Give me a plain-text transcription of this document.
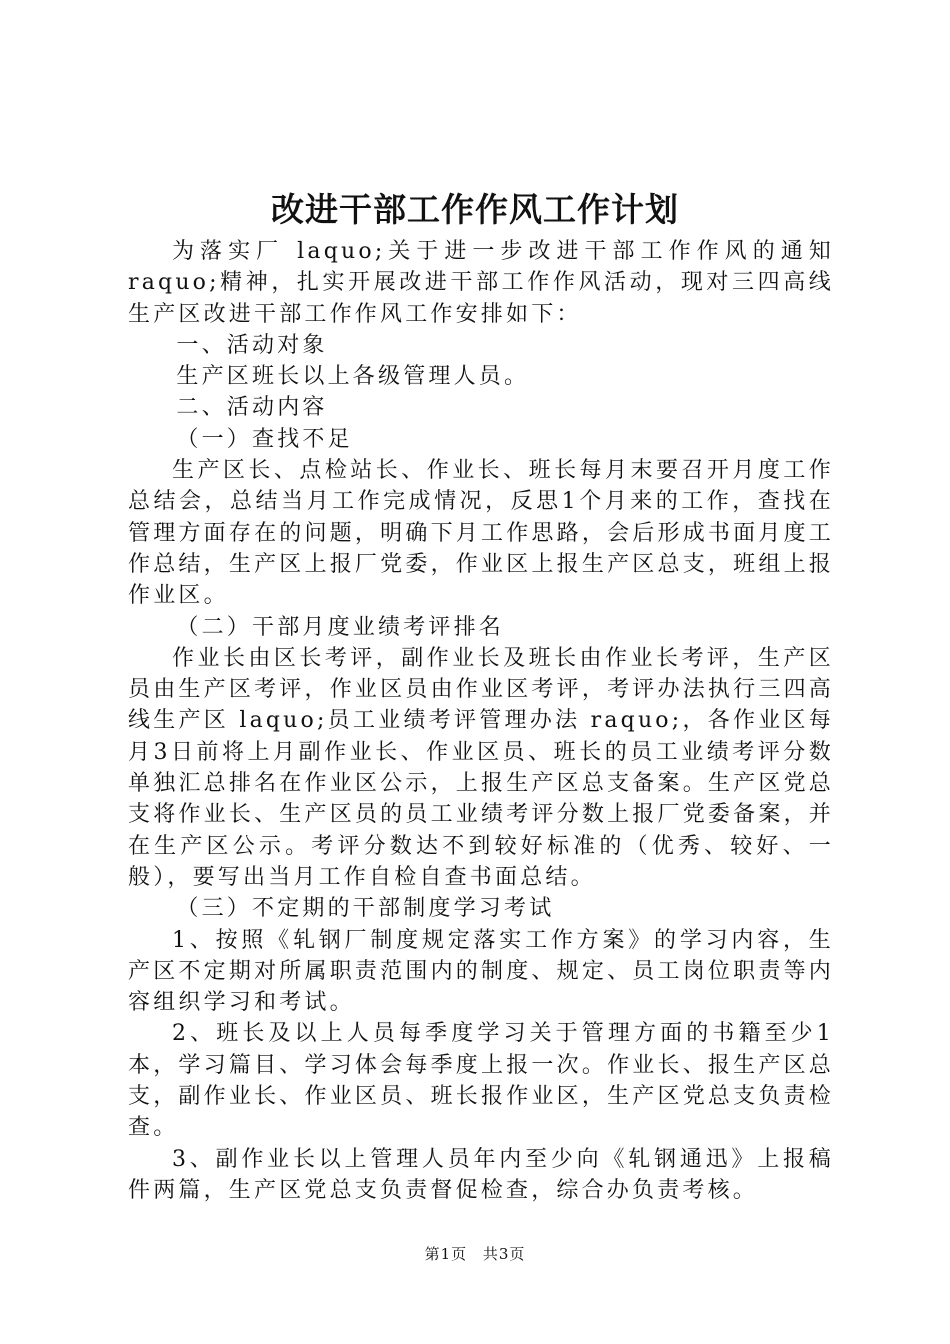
改进干部工作作风工作计划

为落实厂 laquo;关于进一步改进干部工作作风的通知 raquo;精神，扎实开展改进干部工作作风活动，现对三四高线生产区改进干部工作作风工作安排如下：

一、活动对象

生产区班长以上各级管理人员。

二、活动内容

（一）查找不足

生产区长、点检站长、作业长、班长每月末要召开月度工作总结会，总结当月工作完成情况，反思1个月来的工作，查找在管理方面存在的问题，明确下月工作思路，会后形成书面月度工作总结，生产区上报厂党委，作业区上报生产区总支，班组上报作业区。

（二）干部月度业绩考评排名

作业长由区长考评，副作业长及班长由作业长考评，生产区员由生产区考评，作业区员由作业区考评，考评办法执行三四高线生产区 laquo;员工业绩考评管理办法 raquo;，各作业区每月3日前将上月副作业长、作业区员、班长的员工业绩考评分数单独汇总排名在作业区公示，上报生产区总支备案。生产区党总支将作业长、生产区员的员工业绩考评分数上报厂党委备案，并在生产区公示。考评分数达不到较好标准的（优秀、较好、一般），要写出当月工作自检自查书面总结。

（三）不定期的干部制度学习考试

1、按照《轧钢厂制度规定落实工作方案》的学习内容，生产区不定期对所属职责范围内的制度、规定、员工岗位职责等内容组织学习和考试。

2、班长及以上人员每季度学习关于管理方面的书籍至少1本，学习篇目、学习体会每季度上报一次。作业长、报生产区总支，副作业长、作业区员、班长报作业区，生产区党总支负责检查。

3、副作业长以上管理人员年内至少向《轧钢通迅》上报稿件两篇，生产区党总支负责督促检查，综合办负责考核。

第1页 共3页
